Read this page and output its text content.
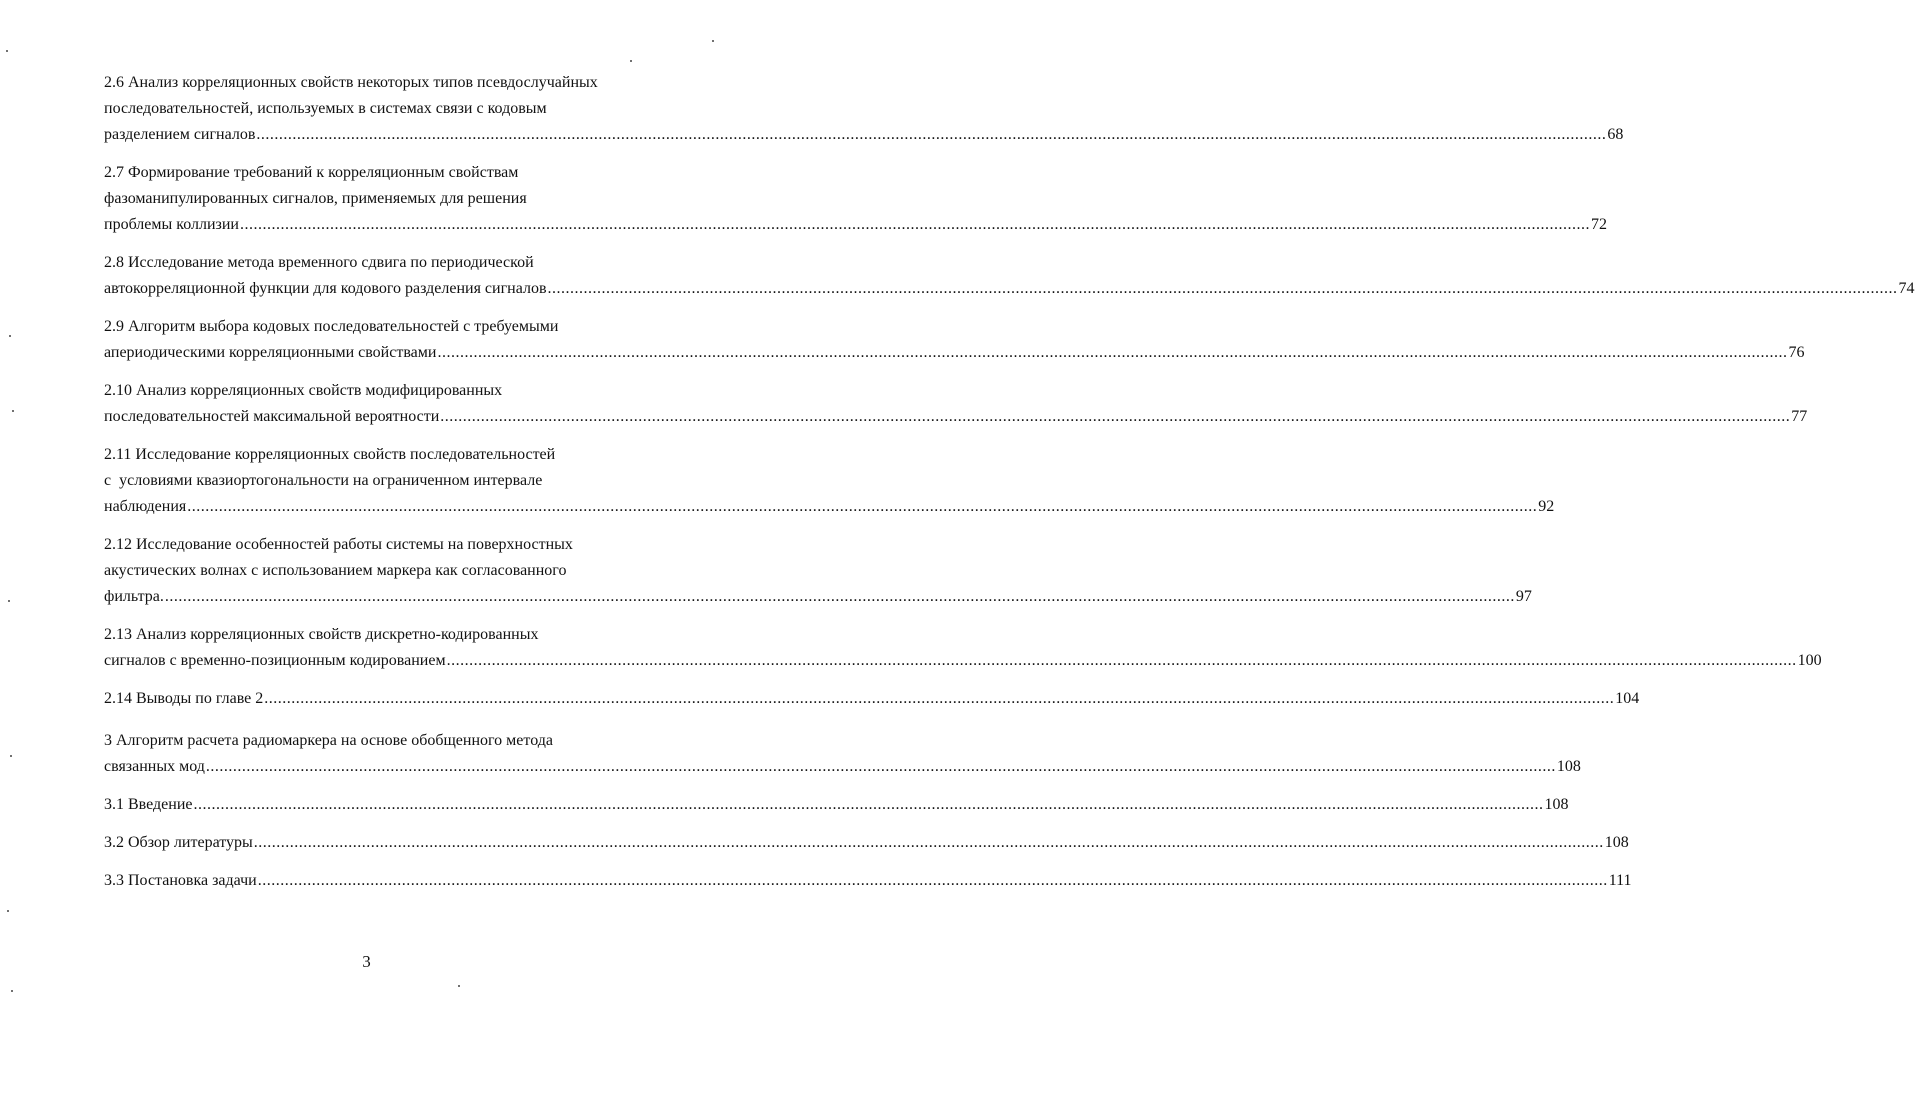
2.6 Анализ корреляционных свойств некоторых типов псевдослучайных
последовательностей, используемых в системах связи с кодовым
разделением сигналов ............................................................................................................................................................................................................................................................................................................ 68
2.7 Формирование требований к корреляционным свойствам
фазоманипулированных сигналов, применяемых для решения
проблемы коллизии ............................................................................................................................................................................................................................................................................................................ 72
2.8 Исследование метода временного сдвига по периодической
автокорреляционной функции для кодового разделения сигналов ............................................................................................................................................................................................................................................................................................................ 74
2.9 Алгоритм выбора кодовых последовательностей с требуемыми
апериодическими корреляционными свойствами ............................................................................................................................................................................................................................................................................................................ 76
2.10 Анализ корреляционных свойств модифицированных
последовательностей максимальной вероятности ............................................................................................................................................................................................................................................................................................................ 77
2.11 Исследование корреляционных свойств последовательностей
с  условиями квазиортогональности на ограниченном интервале
наблюдения ............................................................................................................................................................................................................................................................................................................ 92
2.12 Исследование особенностей работы системы на поверхностных
акустических волнах с использованием маркера как согласованного
фильтра. ............................................................................................................................................................................................................................................................................................................ 97
2.13 Анализ корреляционных свойств дискретно-кодированных
сигналов с временно-позиционным кодированием ............................................................................................................................................................................................................................................................................................................ 100
2.14 Выводы по главе 2 ............................................................................................................................................................................................................................................................................................................ 104
3 Алгоритм расчета радиомаркера на основе обобщенного метода
связанных мод ............................................................................................................................................................................................................................................................................................................ 108
3.1 Введение ............................................................................................................................................................................................................................................................................................................ 108
3.2 Обзор литературы ............................................................................................................................................................................................................................................................................................................ 108
3.3 Постановка задачи ............................................................................................................................................................................................................................................................................................................ 111
3
